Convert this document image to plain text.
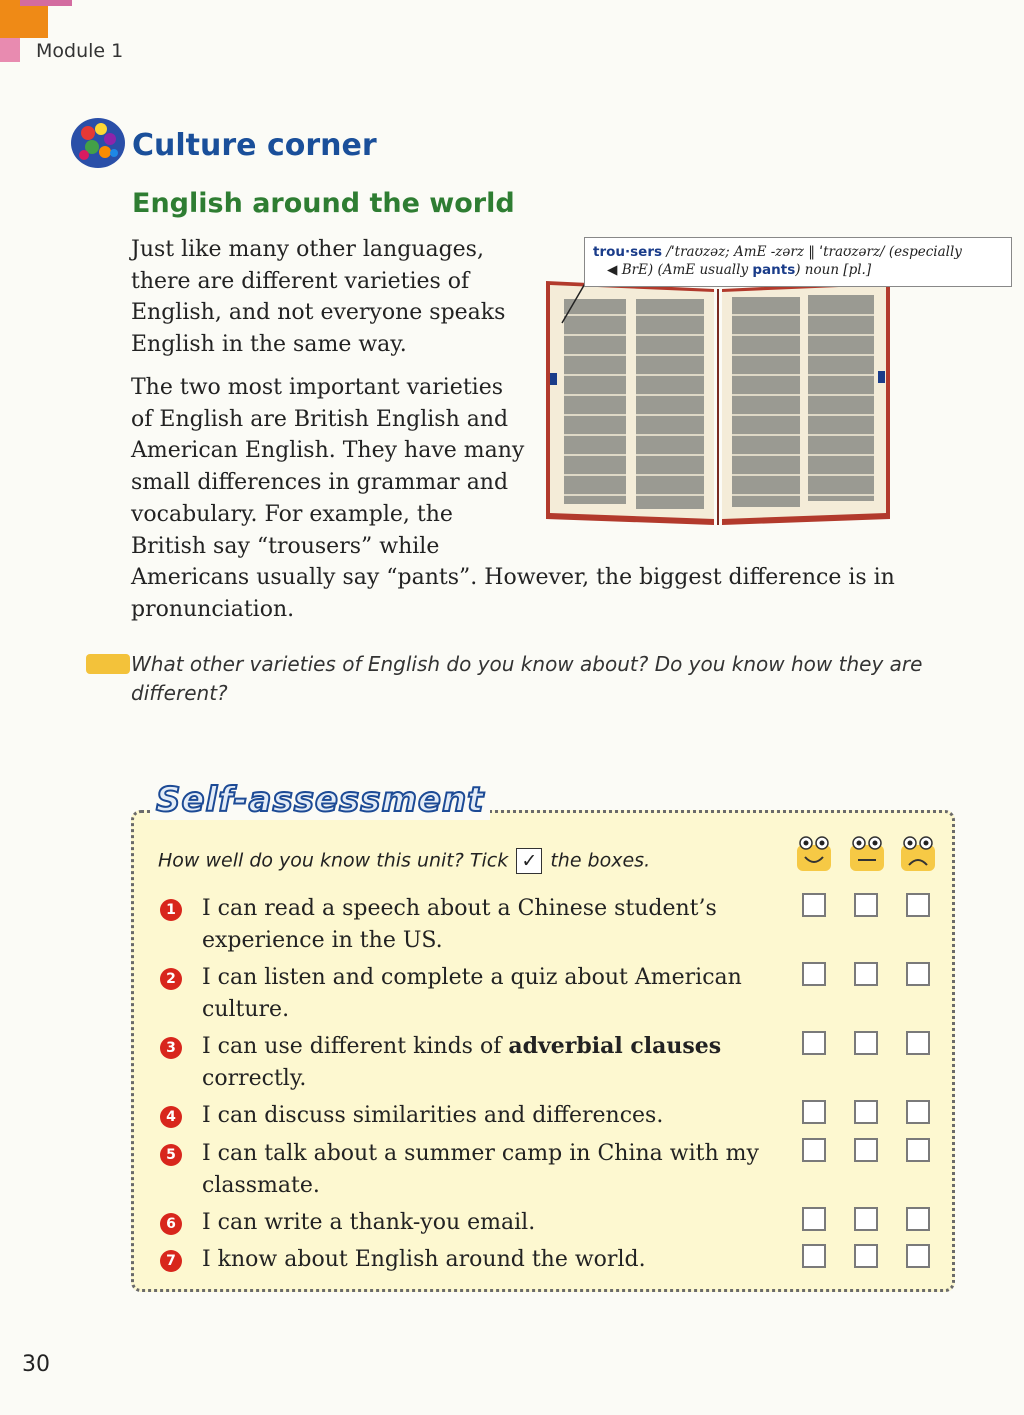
Module 1
Culture corner
English around the world

Just like many other languages, there are different varieties of English, and not everyone speaks English in the same way.

The two most important varieties of English are British English and American English. They have many small differences in grammar and vocabulary. For example, the British say “trousers” while

Americans usually say “pants”. However, the biggest difference is in pronunciation.

trou·sers /ˈtraʊzəz; AmE -zərz ‖ ˈtraʊzərz/ (especially
◀ BrE) (AmE usually pants) noun [pl.]

What other varieties of English do you know about? Do you know how they are different?

Self-assessment
How well do you know this unit? Tick ✓ the boxes.
1 I can read a speech about a Chinese student’s experience in the US.

2 I can listen and complete a quiz about American culture.

3 I can use different kinds of adverbial clauses
correctly.

4 I can discuss similarities and differences.

5 I can talk about a summer camp in China with my classmate.

6 I can write a thank-you email.

7 I know about English around the world.

30
